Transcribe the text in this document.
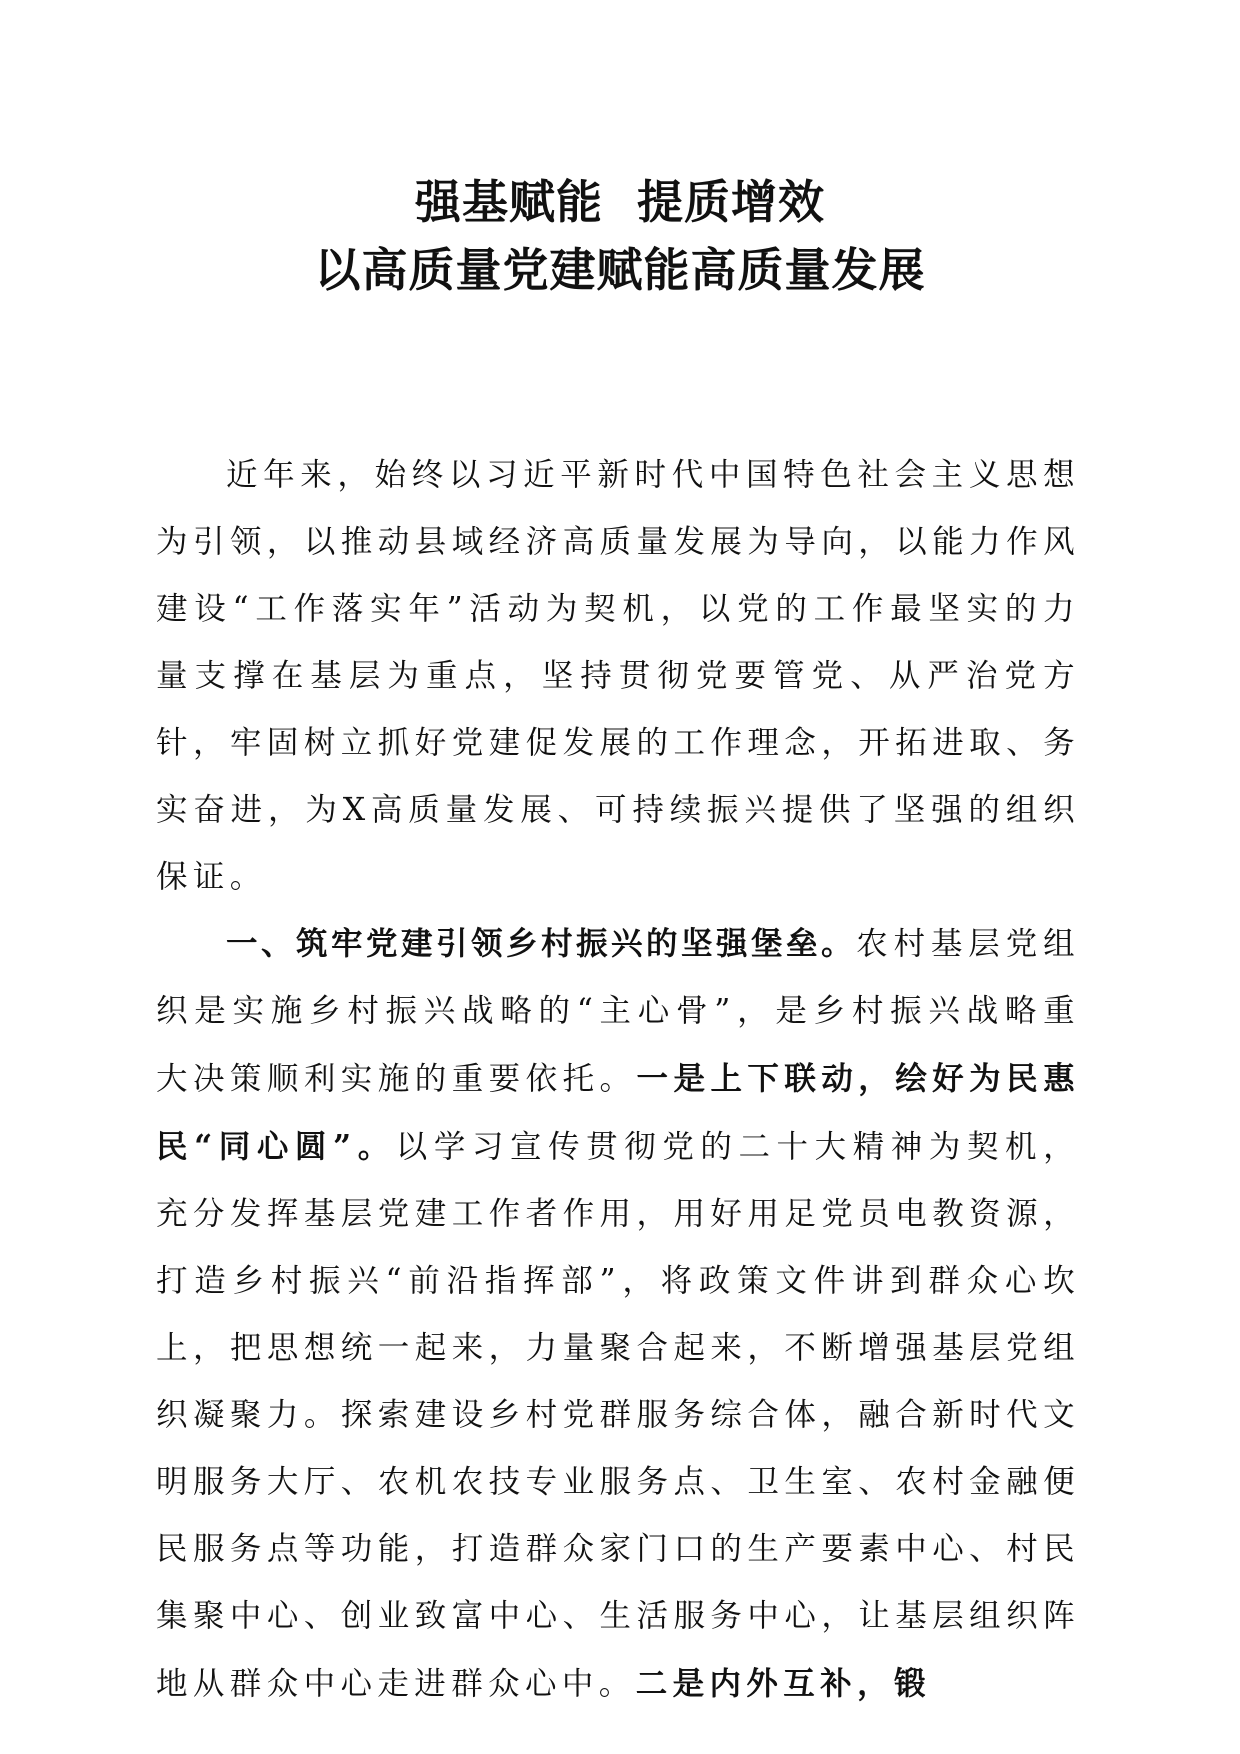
强基赋能  提质增效
以高质量党建赋能高质量发展

近年来，始终以习近平新时代中国特色社会主义思想为引领，以推动县域经济高质量发展为导向，以能力作风建设“工作落实年”活动为契机，以党的工作最坚实的力量支撑在基层为重点，坚持贯彻党要管党、从严治党方针，牢固树立抓好党建促发展的工作理念，开拓进取、务实奋进，为X高质量发展、可持续振兴提供了坚强的组织保证。

一、筑牢党建引领乡村振兴的坚强堡垒。农村基层党组织是实施乡村振兴战略的“主心骨”，是乡村振兴战略重大决策顺利实施的重要依托。一是上下联动，绘好为民惠民“同心圆”。以学习宣传贯彻党的二十大精神为契机，充分发挥基层党建工作者作用，用好用足党员电教资源，打造乡村振兴“前沿指挥部”，将政策文件讲到群众心坎上，把思想统一起来，力量聚合起来，不断增强基层党组织凝聚力。探索建设乡村党群服务综合体，融合新时代文明服务大厅、农机农技专业服务点、卫生室、农村金融便民服务点等功能，打造群众家门口的生产要素中心、村民集聚中心、创业致富中心、生活服务中心，让基层组织阵地从群众中心走进群众心中。二是内外互补，锻
